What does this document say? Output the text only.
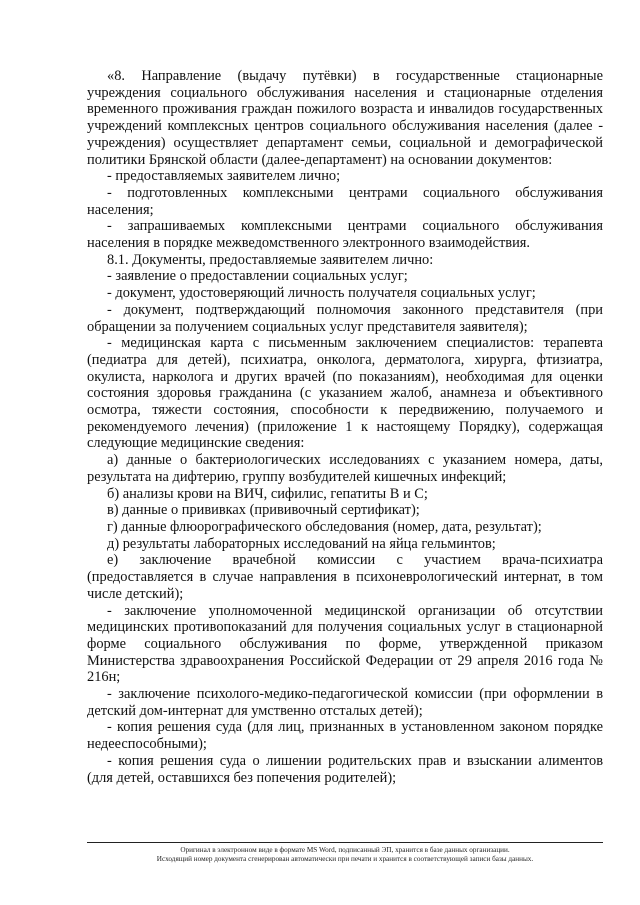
«8. Направление (выдачу путёвки) в государственные стационарные учреждения социального обслуживания населения и стационарные отделения временного проживания граждан пожилого возраста и инвалидов государственных учреждений комплексных центров социального обслуживания населения (далее - учреждения) осуществляет департамент семьи, социальной и демографической политики Брянской области (далее-департамент) на основании документов:

- предоставляемых заявителем лично;

- подготовленных комплексными центрами социального обслуживания населения;

- запрашиваемых комплексными центрами социального обслуживания населения в порядке межведомственного электронного взаимодействия.

8.1. Документы, предоставляемые заявителем лично:

- заявление о предоставлении социальных услуг;

- документ, удостоверяющий личность получателя социальных услуг;

- документ, подтверждающий полномочия законного представителя (при обращении за получением социальных услуг представителя заявителя);

- медицинская карта с письменным заключением специалистов: терапевта (педиатра для детей), психиатра, онколога, дерматолога, хирурга, фтизиатра, окулиста, нарколога и других врачей (по показаниям), необходимая для оценки состояния здоровья гражданина (с указанием жалоб, анамнеза и объективного осмотра, тяжести состояния, способности к передвижению, получаемого и рекомендуемого лечения) (приложение 1 к настоящему Порядку), содержащая следующие медицинские сведения:

а) данные о бактериологических исследованиях с указанием номера, даты, результата на дифтерию, группу возбудителей кишечных инфекций;

б) анализы крови на ВИЧ, сифилис, гепатиты В и С;

в) данные о прививках (прививочный сертификат);

г) данные флюорографического обследования (номер, дата, результат);

д) результаты лабораторных исследований на яйца гельминтов;

е) заключение врачебной комиссии с участием врача-психиатра (предоставляется в случае направления в психоневрологический интернат, в том числе детский);

- заключение уполномоченной медицинской организации об отсутствии медицинских противопоказаний для получения социальных услуг в стационарной форме социального обслуживания по форме, утвержденной приказом Министерства здравоохранения Российской Федерации от 29 апреля 2016 года № 216н;

- заключение психолого-медико-педагогической комиссии (при оформлении в детский дом-интернат для умственно отсталых детей);

- копия решения суда (для лиц, признанных в установленном законом порядке недееспособными);

- копия решения суда о лишении родительских прав и взыскании алиментов (для детей, оставшихся без попечения родителей);

Оригинал в электронном виде в формате MS Word, подписанный ЭП, хранится в базе данных организации.
Исходящий номер документа сгенерирован автоматически при печати и хранится в соответствующей записи базы данных.
